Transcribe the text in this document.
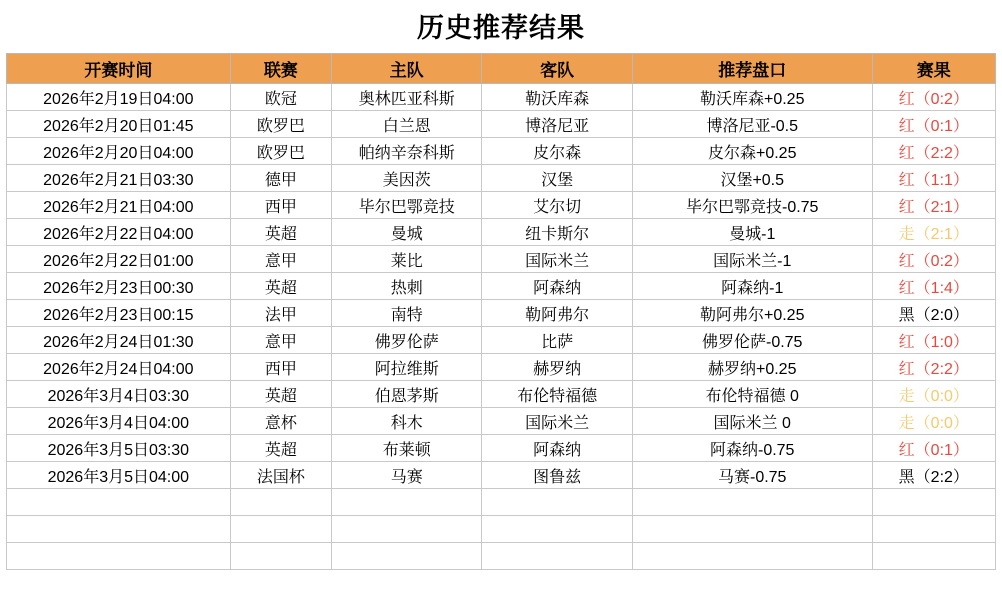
历史推荐结果
开赛时间	联赛	主队	客队	推荐盘口	赛果
2026年2月19日04:00	欧冠	奥林匹亚科斯	勒沃库森	勒沃库森+0.25	红（0:2）
2026年2月20日01:45	欧罗巴	白兰恩	博洛尼亚	博洛尼亚-0.5	红（0:1）
2026年2月20日04:00	欧罗巴	帕纳辛奈科斯	皮尔森	皮尔森+0.25	红（2:2）
2026年2月21日03:30	德甲	美因茨	汉堡	汉堡+0.5	红（1:1）
2026年2月21日04:00	西甲	毕尔巴鄂竞技	艾尔切	毕尔巴鄂竞技-0.75	红（2:1）
2026年2月22日04:00	英超	曼城	纽卡斯尔	曼城-1	走（2:1）
2026年2月22日01:00	意甲	莱比	国际米兰	国际米兰-1	红（0:2）
2026年2月23日00:30	英超	热刺	阿森纳	阿森纳-1	红（1:4）
2026年2月23日00:15	法甲	南特	勒阿弗尔	勒阿弗尔+0.25	黑（2:0）
2026年2月24日01:30	意甲	佛罗伦萨	比萨	佛罗伦萨-0.75	红（1:0）
2026年2月24日04:00	西甲	阿拉维斯	赫罗纳	赫罗纳+0.25	红（2:2）
2026年3月4日03:30	英超	伯恩茅斯	布伦特福德	布伦特福德 0	走（0:0）
2026年3月4日04:00	意杯	科木	国际米兰	国际米兰 0	走（0:0）
2026年3月5日03:30	英超	布莱顿	阿森纳	阿森纳-0.75	红（0:1）
2026年3月5日04:00	法国杯	马赛	图鲁兹	马赛-0.75	黑（2:2）
